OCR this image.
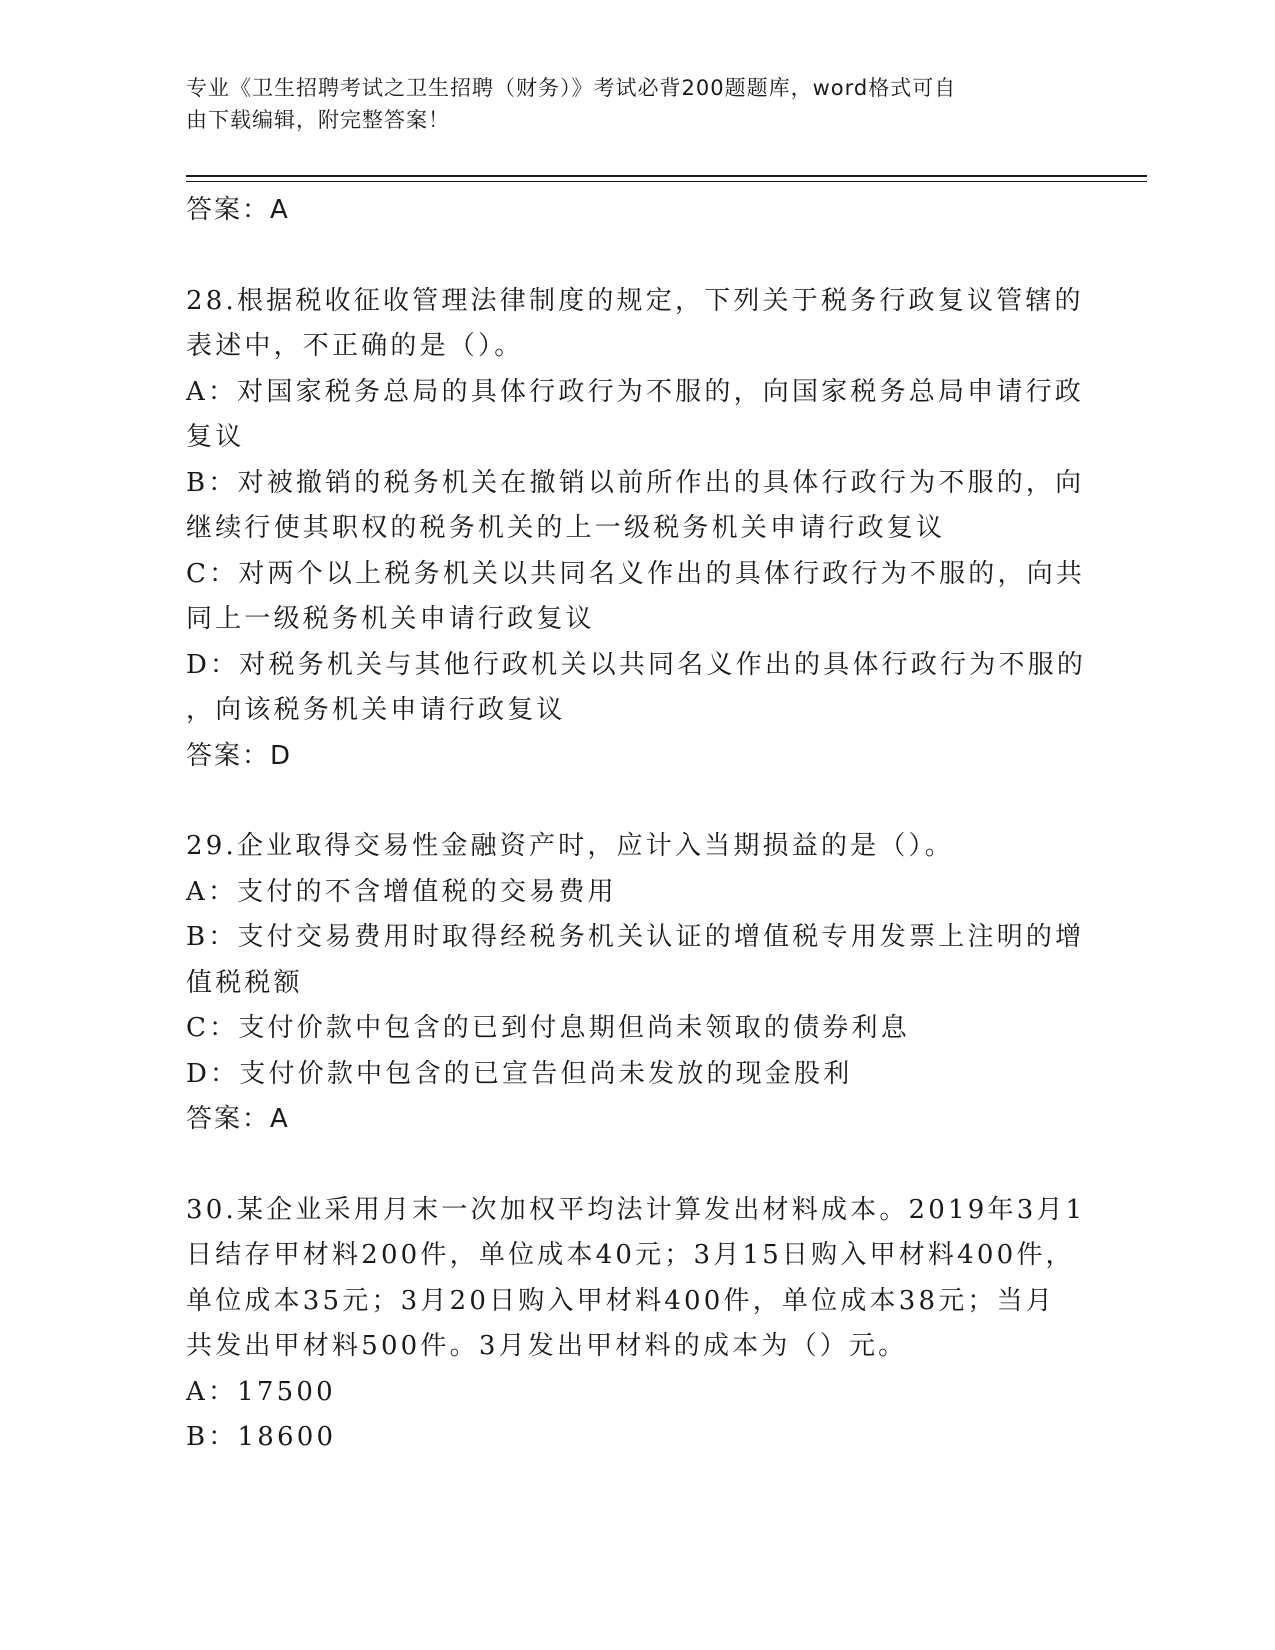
专业《卫生招聘考试之卫生招聘（财务）》考试必背200题题库，word格式可自
由下载编辑，附完整答案！
答案：A
28.根据税收征收管理法律制度的规定，下列关于税务行政复议管辖的
表述中，不正确的是（）。
A：对国家税务总局的具体行政行为不服的，向国家税务总局申请行政
复议
B：对被撤销的税务机关在撤销以前所作出的具体行政行为不服的，向
继续行使其职权的税务机关的上一级税务机关申请行政复议
C：对两个以上税务机关以共同名义作出的具体行政行为不服的，向共
同上一级税务机关申请行政复议
D：对税务机关与其他行政机关以共同名义作出的具体行政行为不服的
，向该税务机关申请行政复议
答案：D
29.企业取得交易性金融资产时，应计入当期损益的是（）。
A：支付的不含增值税的交易费用
B：支付交易费用时取得经税务机关认证的增值税专用发票上注明的增
值税税额
C：支付价款中包含的已到付息期但尚未领取的债券利息
D：支付价款中包含的已宣告但尚未发放的现金股利
答案：A
30.某企业采用月末一次加权平均法计算发出材料成本。2019年3月1
日结存甲材料200件，单位成本40元；3月15日购入甲材料400件，
单位成本35元；3月20日购入甲材料400件，单位成本38元；当月
共发出甲材料500件。3月发出甲材料的成本为（）元。
A：17500
B：18600
